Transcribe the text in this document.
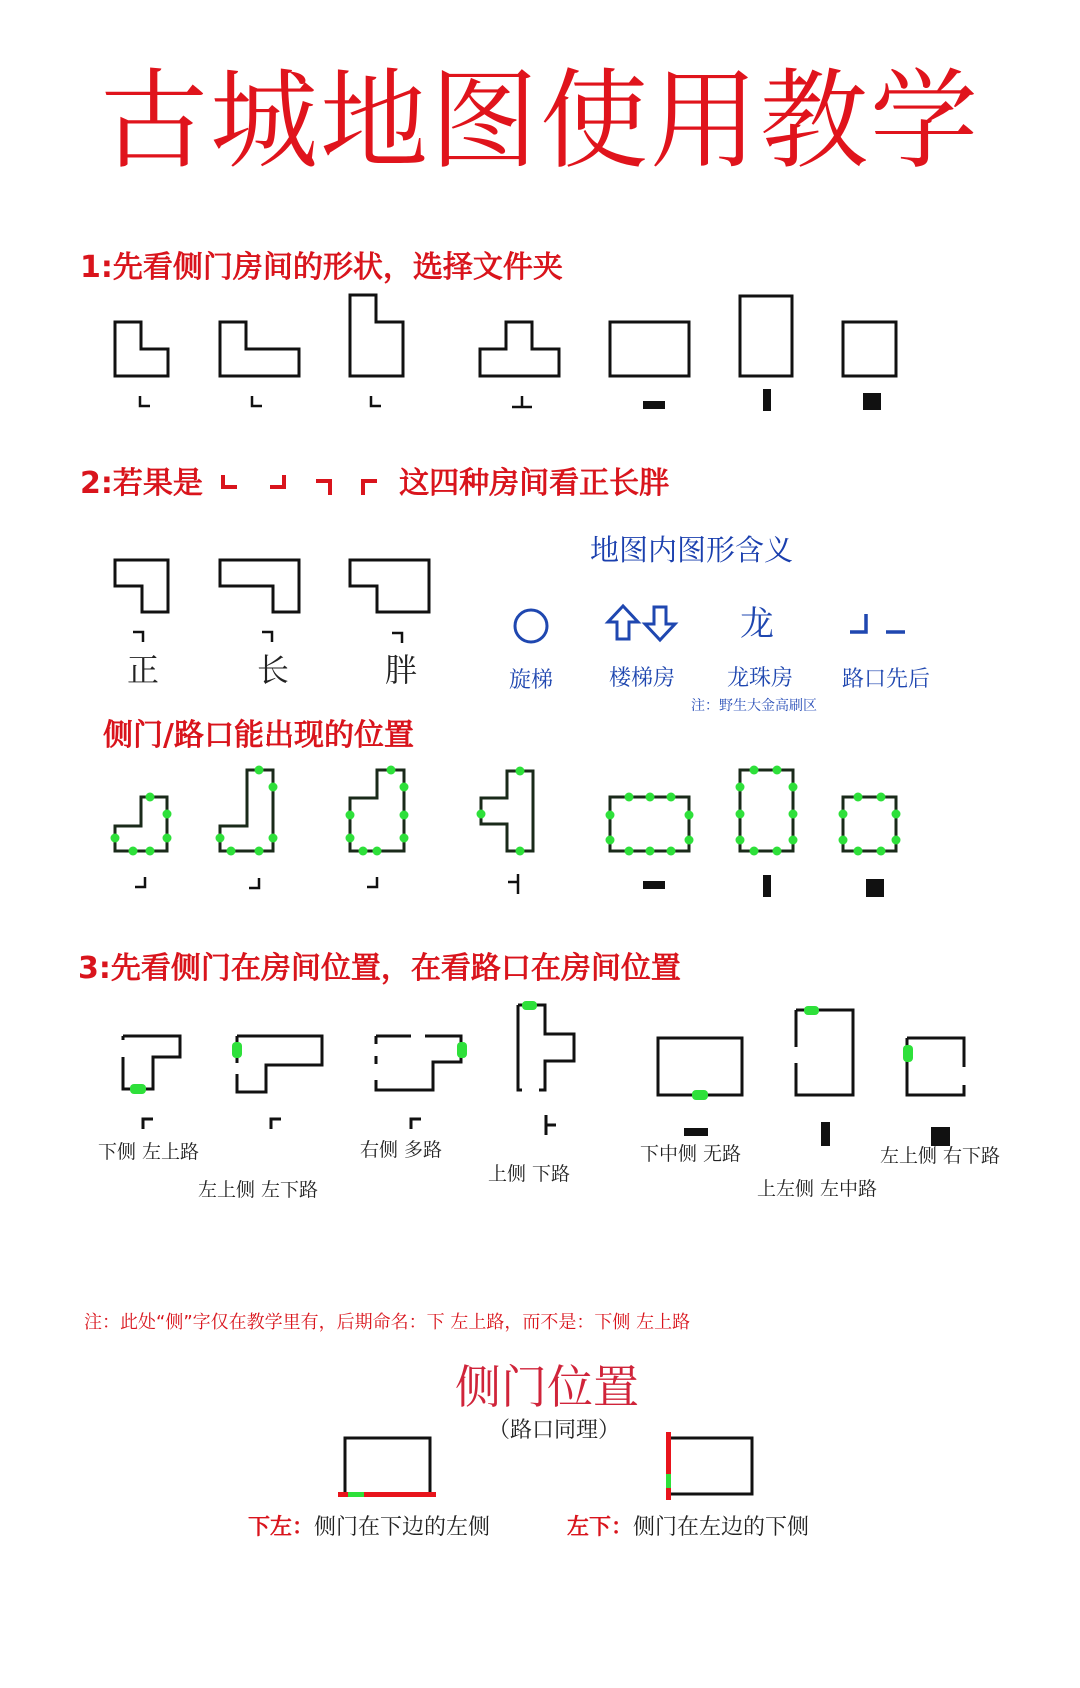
古城地图使用教学
1:先看侧门房间的形状，选择文件夹
2:若果是

	这四种房间看正长胖
正	长	胖
地图内图形含义
龙
旋梯	楼梯房	龙珠房	路口先后
注：野生大金高刷区
侧门/路口能出现的位置
3:先看侧门在房间位置，在看路口在房间位置
下侧 左上路
左上侧 左下路
右侧 多路
上侧 下路
下中侧 无路
上左侧 左中路
左上侧 右下路
注：此处“侧”字仅在教学里有，后期命名：下 左上路，而不是：下侧 左上路
侧门位置
（路口同理）
下左：侧门在下边的左侧	左下：侧门在左边的下侧
